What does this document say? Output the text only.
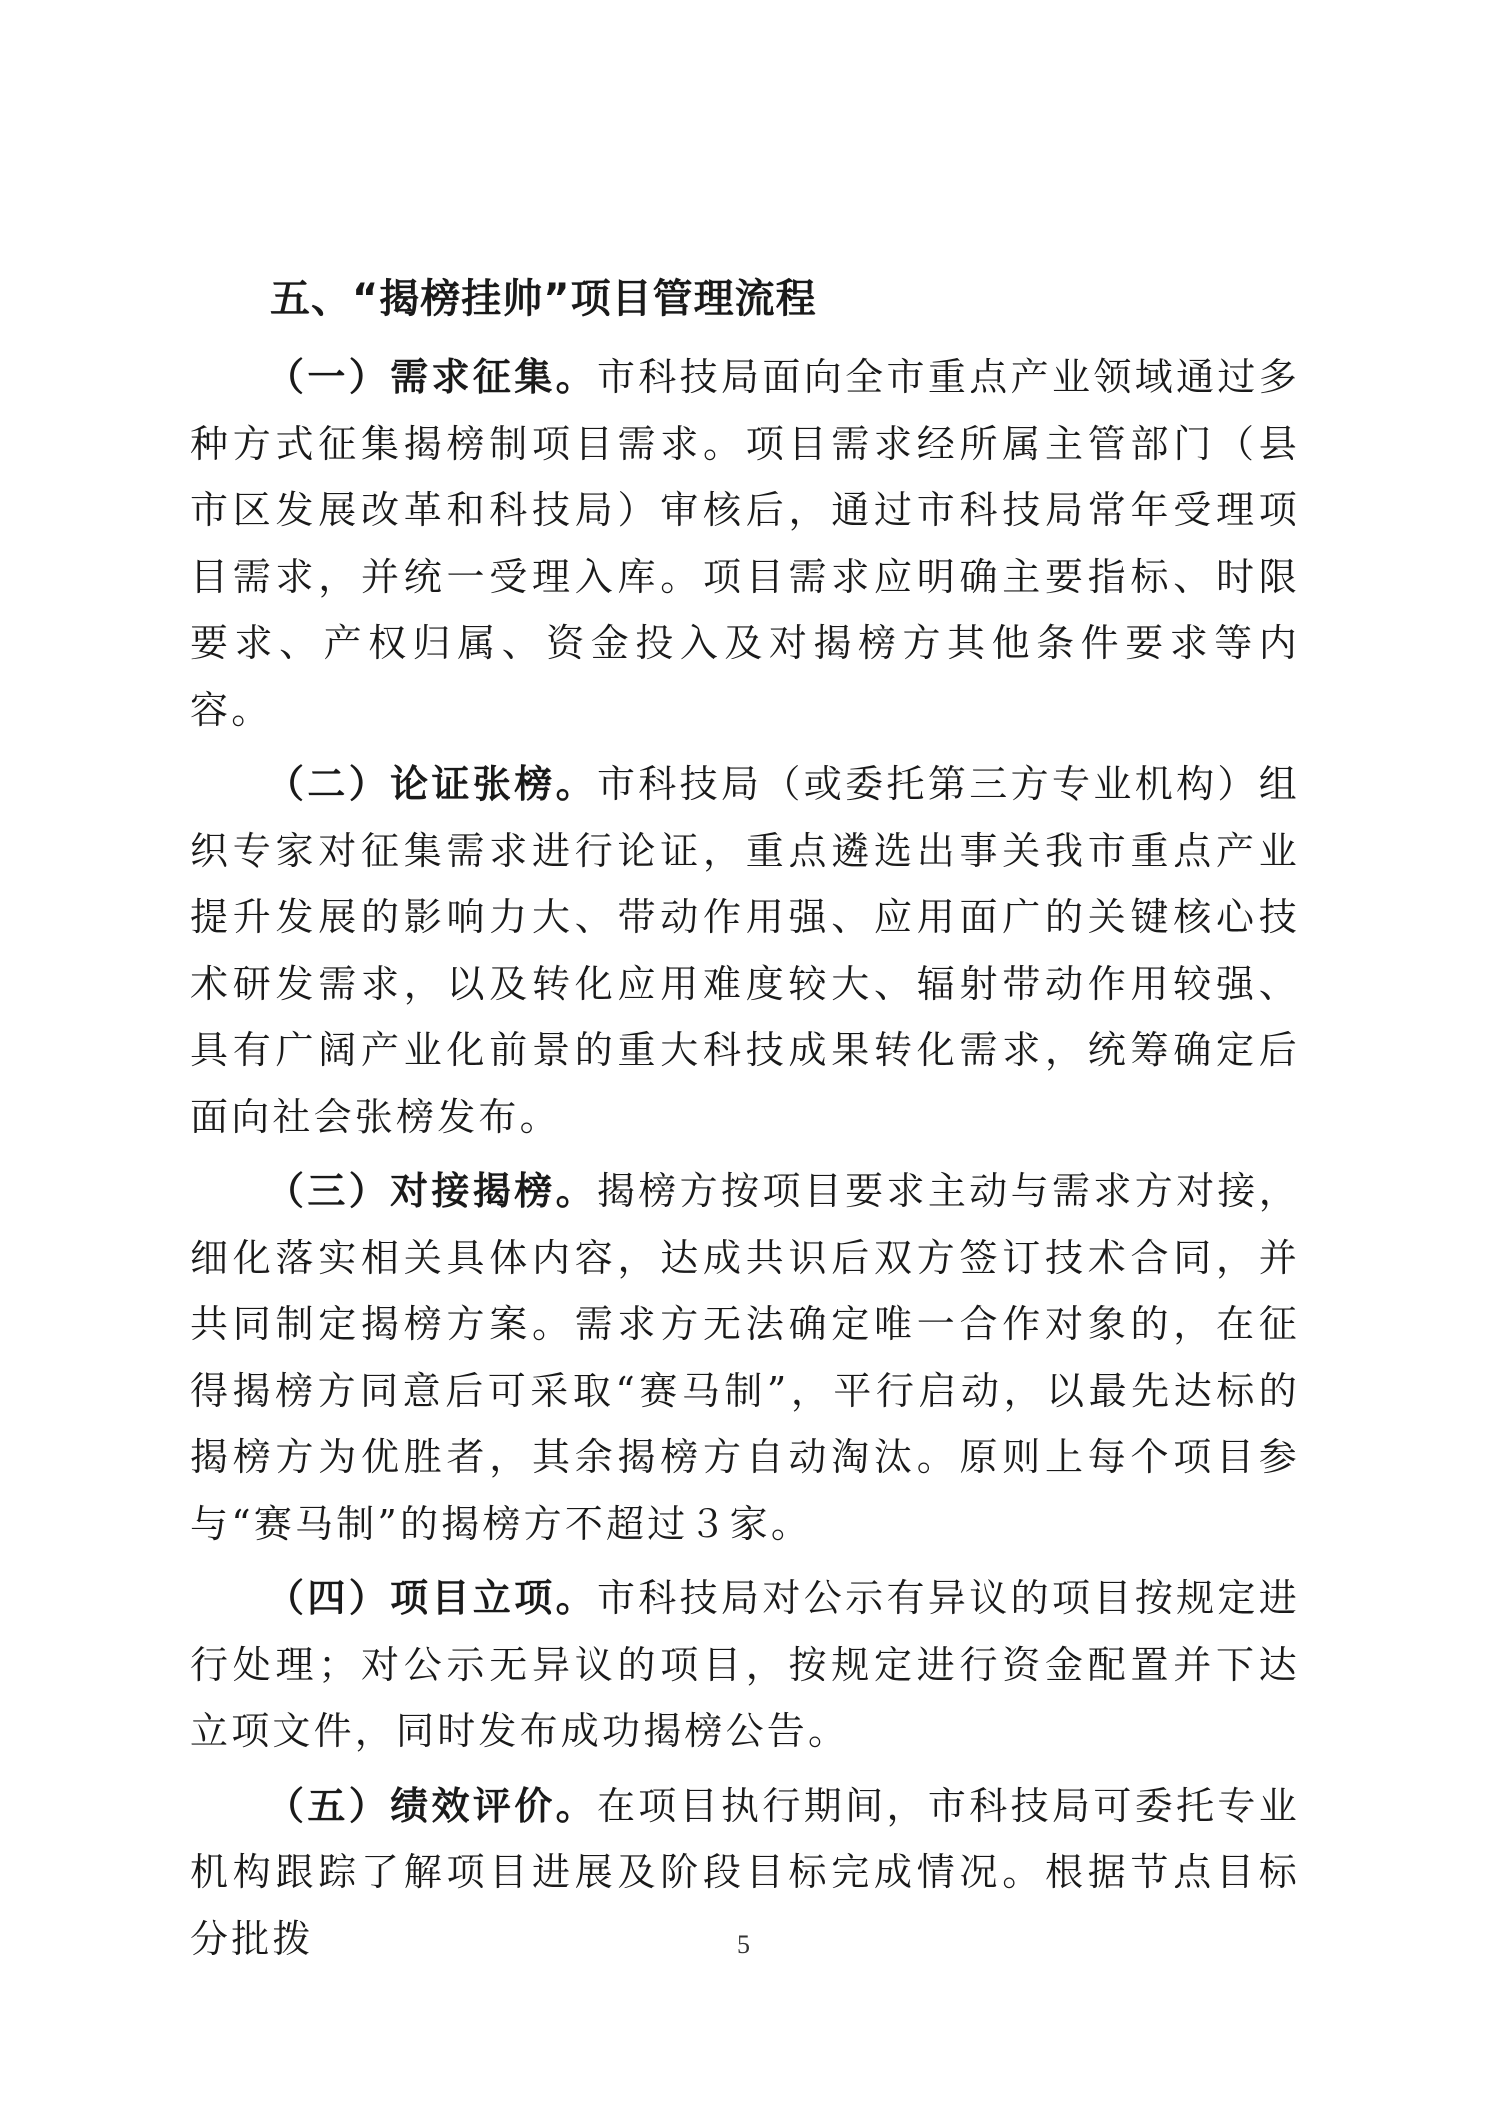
五、“揭榜挂帅”项目管理流程

（一）需求征集。市科技局面向全市重点产业领域通过多种方式征集揭榜制项目需求。项目需求经所属主管部门（县市区发展改革和科技局）审核后，通过市科技局常年受理项目需求，并统一受理入库。项目需求应明确主要指标、时限要求、产权归属、资金投入及对揭榜方其他条件要求等内容。

（二）论证张榜。市科技局（或委托第三方专业机构）组织专家对征集需求进行论证，重点遴选出事关我市重点产业提升发展的影响力大、带动作用强、应用面广的关键核心技术研发需求，以及转化应用难度较大、辐射带动作用较强、具有广阔产业化前景的重大科技成果转化需求，统筹确定后面向社会张榜发布。

（三）对接揭榜。揭榜方按项目要求主动与需求方对接，细化落实相关具体内容，达成共识后双方签订技术合同，并共同制定揭榜方案。需求方无法确定唯一合作对象的，在征得揭榜方同意后可采取“赛马制”，平行启动，以最先达标的揭榜方为优胜者，其余揭榜方自动淘汰。原则上每个项目参与“赛马制”的揭榜方不超过３家。

（四）项目立项。市科技局对公示有异议的项目按规定进行处理；对公示无异议的项目，按规定进行资金配置并下达立项文件，同时发布成功揭榜公告。

（五）绩效评价。在项目执行期间，市科技局可委托专业机构跟踪了解项目进展及阶段目标完成情况。根据节点目标分批拨	5
